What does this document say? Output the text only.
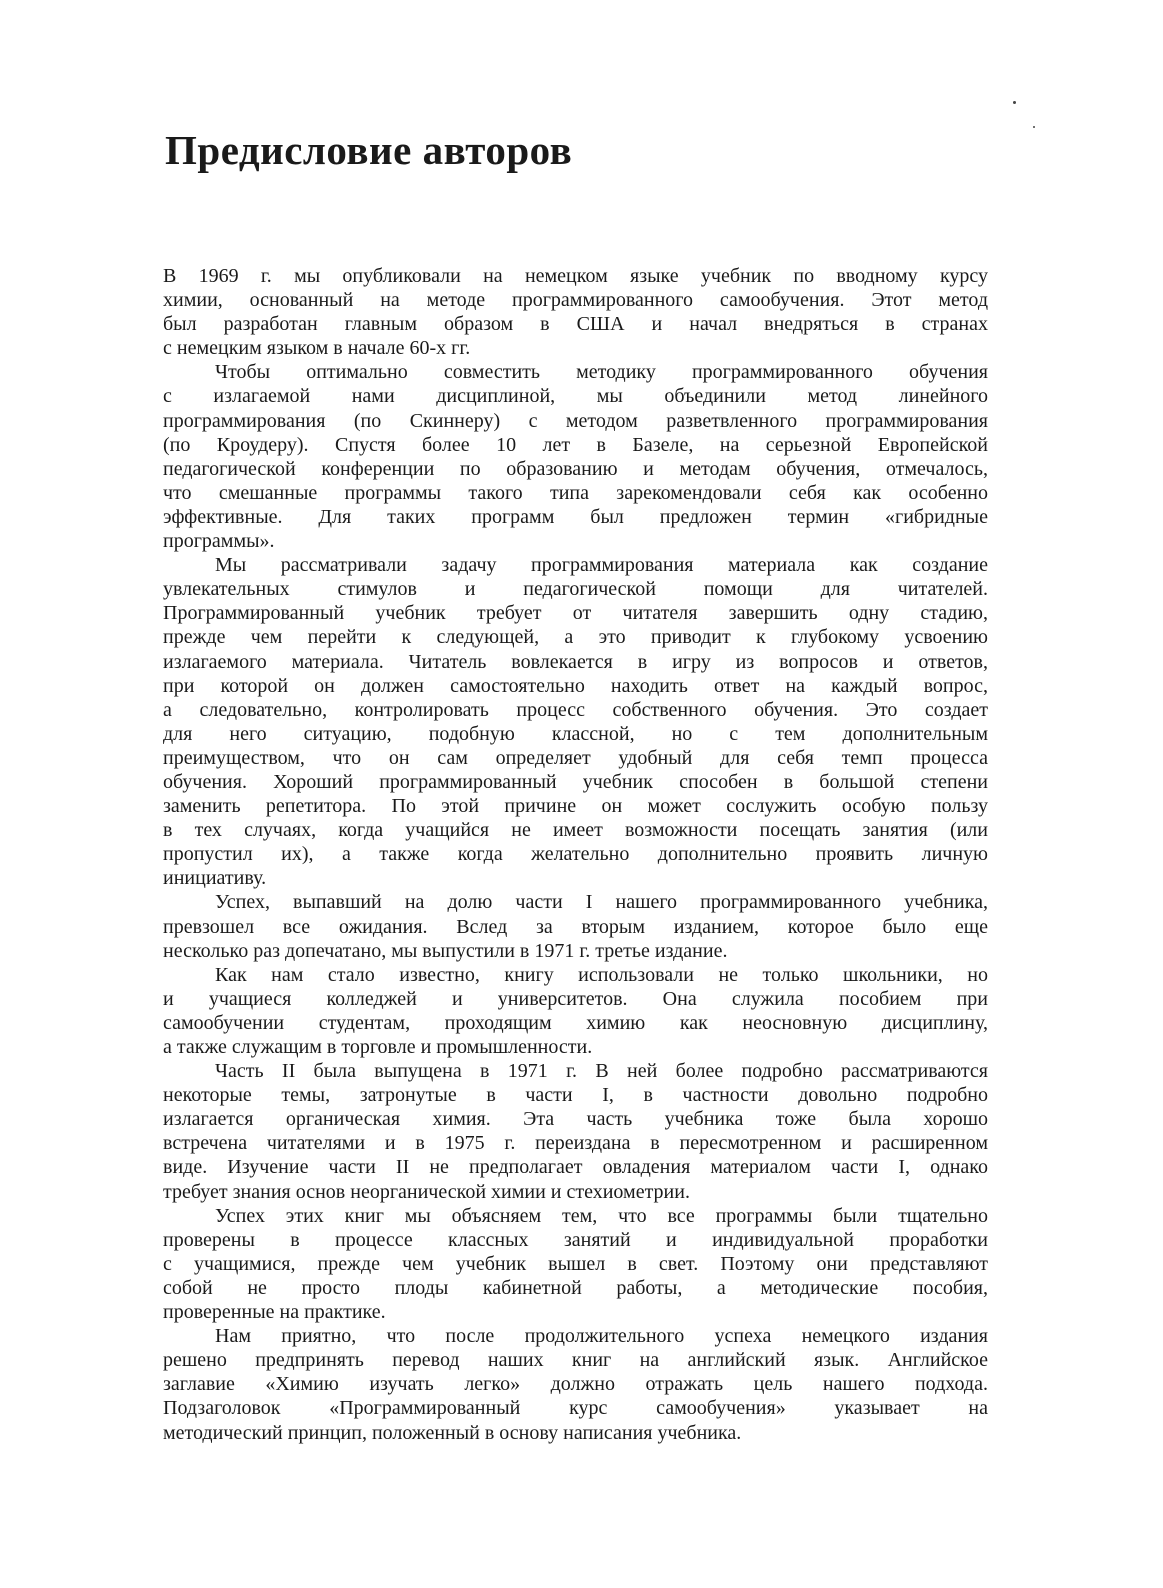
Предисловие авторов
В 1969 г. мы опубликовали на немецком языке учебник по вводному курсу
химии, основанный на методе программированного самообучения. Этот метод
был разработан главным образом в США и начал внедряться в странах
с немецким языком в начале 60-х гг.
Чтобы оптимально совместить методику программированного обучения
с излагаемой нами дисциплиной, мы объединили метод линейного
программирования (по Скиннеру) с методом разветвленного программирования
(по Кроудеру). Спустя более 10 лет в Базеле, на серьезной Европейской
педагогической конференции по образованию и методам обучения, отмечалось,
что смешанные программы такого типа зарекомендовали себя как особенно
эффективные. Для таких программ был предложен термин «гибридные
программы».
Мы рассматривали задачу программирования материала как создание
увлекательных стимулов и педагогической помощи для читателей.
Программированный учебник требует от читателя завершить одну стадию,
прежде чем перейти к следующей, а это приводит к глубокому усвоению
излагаемого материала. Читатель вовлекается в игру из вопросов и ответов,
при которой он должен самостоятельно находить ответ на каждый вопрос,
а следовательно, контролировать процесс собственного обучения. Это создает
для него ситуацию, подобную классной, но с тем дополнительным
преимуществом, что он сам определяет удобный для себя темп процесса
обучения. Хороший программированный учебник способен в большой степени
заменить репетитора. По этой причине он может сослужить особую пользу
в тех случаях, когда учащийся не имеет возможности посещать занятия (или
пропустил их), а также когда желательно дополнительно проявить личную
инициативу.
Успех, выпавший на долю части I нашего программированного учебника,
превзошел все ожидания. Вслед за вторым изданием, которое было еще
несколько раз допечатано, мы выпустили в 1971 г. третье издание.
Как нам стало известно, книгу использовали не только школьники, но
и учащиеся колледжей и университетов. Она служила пособием при
самообучении студентам, проходящим химию как неосновную дисциплину,
а также служащим в торговле и промышленности.
Часть II была выпущена в 1971 г. В ней более подробно рассматриваются
некоторые темы, затронутые в части I, в частности довольно подробно
излагается органическая химия. Эта часть учебника тоже была хорошо
встречена читателями и в 1975 г. переиздана в пересмотренном и расширенном
виде. Изучение части II не предполагает овладения материалом части I, однако
требует знания основ неорганической химии и стехиометрии.
Успех этих книг мы объясняем тем, что все программы были тщательно
проверены в процессе классных занятий и индивидуальной проработки
с учащимися, прежде чем учебник вышел в свет. Поэтому они представляют
собой не просто плоды кабинетной работы, а методические пособия,
проверенные на практике.
Нам приятно, что после продолжительного успеха немецкого издания
решено предпринять перевод наших книг на английский язык. Английское
заглавие «Химию изучать легко» должно отражать цель нашего подхода.
Подзаголовок «Программированный курс самообучения» указывает на
методический принцип, положенный в основу написания учебника.
